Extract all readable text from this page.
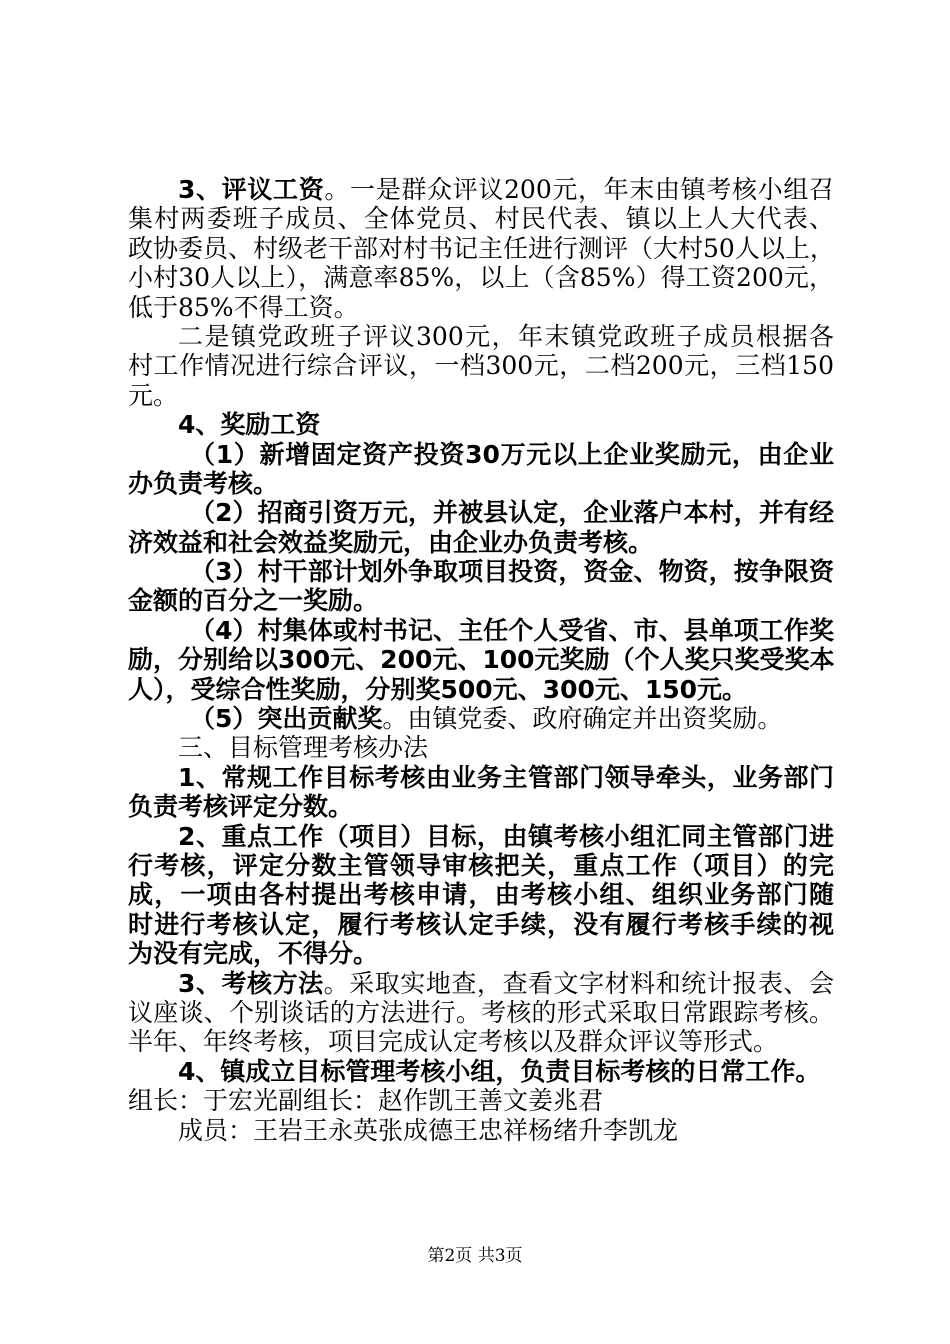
3、评议工资。一是群众评议200元，年末由镇考核小组召
集村两委班子成员、全体党员、村民代表、镇以上人大代表、
政协委员、村级老干部对村书记主任进行测评（大村50人以上，
小村30人以上），满意率85%，以上（含85%）得工资200元，
低于85%不得工资。
二是镇党政班子评议300元，年末镇党政班子成员根据各
村工作情况进行综合评议，一档300元，二档200元，三档150
元。
4、奖励工资
（1）新增固定资产投资30万元以上企业奖励元，由企业
办负责考核。
（2）招商引资万元，并被县认定，企业落户本村，并有经
济效益和社会效益奖励元，由企业办负责考核。
（3）村干部计划外争取项目投资，资金、物资，按争限资
金额的百分之一奖励。
（4）村集体或村书记、主任个人受省、市、县单项工作奖
励，分别给以300元、200元、100元奖励（个人奖只奖受奖本
人），受综合性奖励，分别奖500元、300元、150元。
（5）突出贡献奖。由镇党委、政府确定并出资奖励。
三、目标管理考核办法
1、常规工作目标考核由业务主管部门领导牵头，业务部门
负责考核评定分数。
2、重点工作（项目）目标，由镇考核小组汇同主管部门进
行考核，评定分数主管领导审核把关，重点工作（项目）的完
成，一项由各村提出考核申请，由考核小组、组织业务部门随
时进行考核认定，履行考核认定手续，没有履行考核手续的视
为没有完成，不得分。
3、考核方法。采取实地查，查看文字材料和统计报表、会
议座谈、个别谈话的方法进行。考核的形式采取日常跟踪考核。
半年、年终考核，项目完成认定考核以及群众评议等形式。
4、镇成立目标管理考核小组，负责目标考核的日常工作。
组长：于宏光副组长：赵作凯王善文姜兆君
成员：王岩王永英张成德王忠祥杨绪升李凯龙
第2页 共3页
